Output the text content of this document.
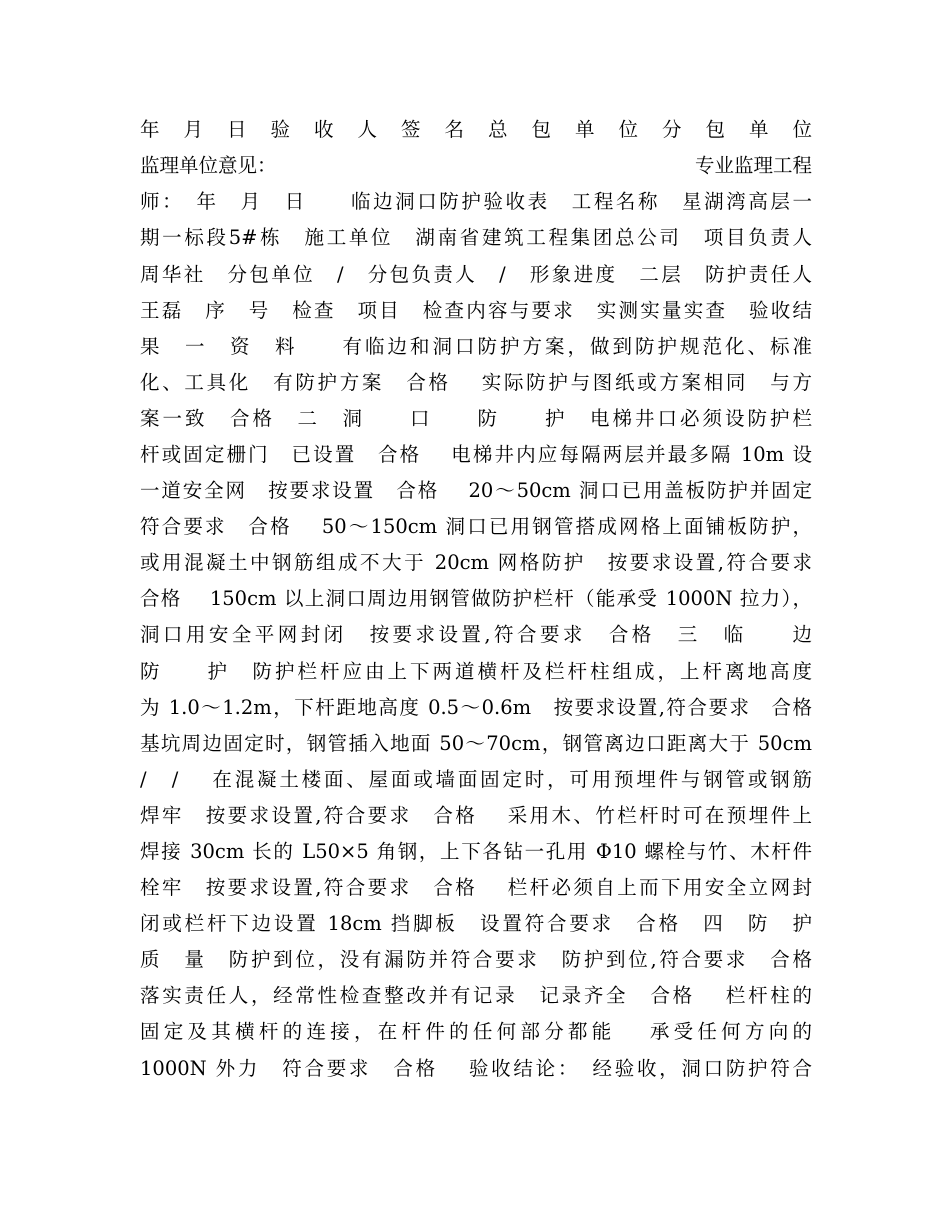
年　月　日　验　收　人　签　名　总　包　单　位　分　包　单　位
监理单位意见：	专业监理工程
师：　年　月　日　　临边洞口防护验收表　工程名称　星湖湾高层一
期一标段5#栋　施工单位　湖南省建筑工程集团总公司　项目负责人
周华社　分包单位　/　分包负责人　/　形象进度　二层　防护责任人
王磊　序　号　检查　项目　检查内容与要求　实测实量实查　验收结
果　一　资　料　　有临边和洞口防护方案，做到防护规范化、标准
化、工具化　有防护方案　合格　 实际防护与图纸或方案相同　与方
案一致　合格　二　洞　　口　　防　　护　电梯井口必须设防护栏
杆或固定栅门　已设置　合格　 电梯井内应每隔两层并最多隔 10m 设
一道安全网　按要求设置　合格　 20～50cm 洞口已用盖板防护并固定
符合要求　合格　 50～150cm 洞口已用钢管搭成网格上面铺板防护，
或用混凝土中钢筋组成不大于 20cm 网格防护　按要求设置,符合要求
合格　 150cm 以上洞口周边用钢管做防护栏杆（能承受 1000N 拉力），
洞口用安全平网封闭　按要求设置,符合要求　合格　三　临　　边
防　　护　防护栏杆应由上下两道横杆及栏杆柱组成，上杆离地高度
为 1.0～1.2m，下杆距地高度 0.5～0.6m　按要求设置,符合要求　合格
基坑周边固定时，钢管插入地面 50～70cm，钢管离边口距离大于 50cm
/　/　 在混凝土楼面、屋面或墙面固定时，可用预埋件与钢管或钢筋
焊牢　按要求设置,符合要求　合格　 采用木、竹栏杆时可在预埋件上
焊接 30cm 长的 L50×5 角钢，上下各钻一孔用 Φ10 螺栓与竹、木杆件
栓牢　按要求设置,符合要求　合格　 栏杆必须自上而下用安全立网封
闭或栏杆下边设置 18cm 挡脚板　设置符合要求　合格　四　防　护
质　量　防护到位，没有漏防并符合要求　防护到位,符合要求　合格
落实责任人，经常性检查整改并有记录　记录齐全　合格　 栏杆柱的
固定及其横杆的连接，在杆件的任何部分都能　 承受任何方向的
1000N 外力　符合要求　合格　 验收结论：　经验收，洞口防护符合
